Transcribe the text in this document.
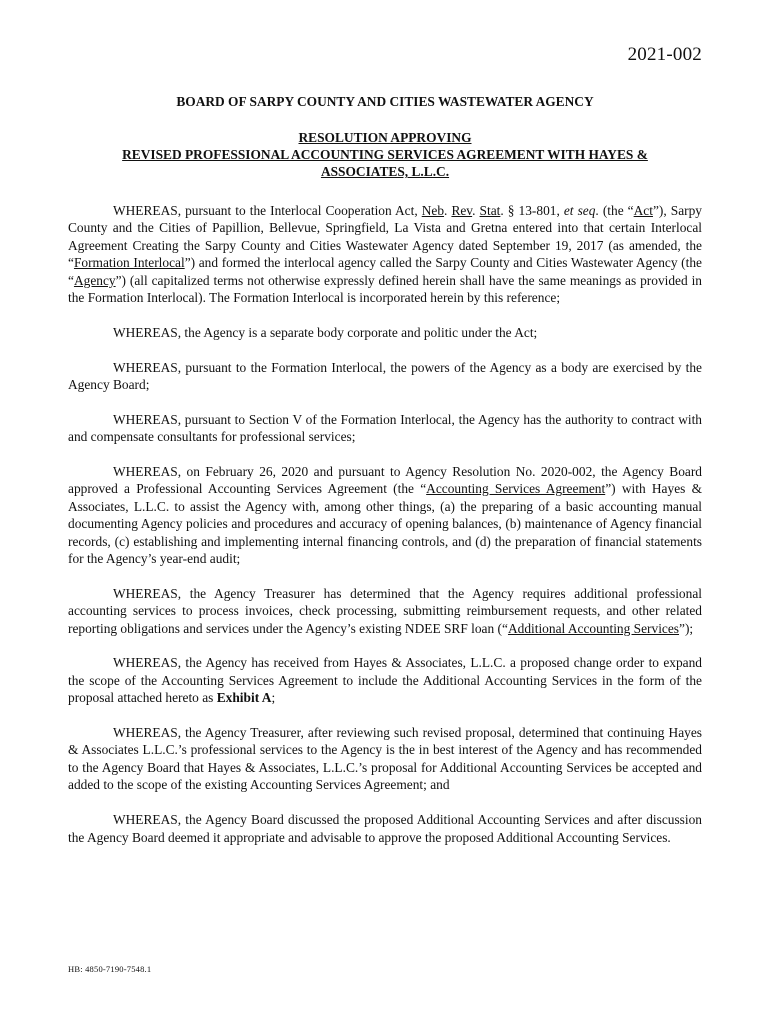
2021-002
BOARD OF SARPY COUNTY AND CITIES WASTEWATER AGENCY
RESOLUTION APPROVING
REVISED PROFESSIONAL ACCOUNTING SERVICES AGREEMENT WITH HAYES &
ASSOCIATES, L.L.C.

WHEREAS, pursuant to the Interlocal Cooperation Act, Neb. Rev. Stat. § 13-801, et seq. (the “Act”), Sarpy County and the Cities of Papillion, Bellevue, Springfield, La Vista and Gretna entered into that certain Interlocal Agreement Creating the Sarpy County and Cities Wastewater Agency dated September 19, 2017 (as amended, the “Formation Interlocal”) and formed the interlocal agency called the Sarpy County and Cities Wastewater Agency (the “Agency”) (all capitalized terms not otherwise expressly defined herein shall have the same meanings as provided in the Formation Interlocal). The Formation Interlocal is incorporated herein by this reference;

WHEREAS, the Agency is a separate body corporate and politic under the Act;

WHEREAS, pursuant to the Formation Interlocal, the powers of the Agency as a body are exercised by the Agency Board;

WHEREAS, pursuant to Section V of the Formation Interlocal, the Agency has the authority to contract with and compensate consultants for professional services;

WHEREAS, on February 26, 2020 and pursuant to Agency Resolution No. 2020-002, the Agency Board approved a Professional Accounting Services Agreement (the “Accounting Services Agreement”) with Hayes & Associates, L.L.C. to assist the Agency with, among other things, (a) the preparing of a basic accounting manual documenting Agency policies and procedures and accuracy of opening balances, (b) maintenance of Agency financial records, (c) establishing and implementing internal financing controls, and (d) the preparation of financial statements for the Agency’s year-end audit;

WHEREAS, the Agency Treasurer has determined that the Agency requires additional professional accounting services to process invoices, check processing, submitting reimbursement requests, and other related reporting obligations and services under the Agency’s existing NDEE SRF loan (“Additional Accounting Services”);

WHEREAS, the Agency has received from Hayes & Associates, L.L.C. a proposed change order to expand the scope of the Accounting Services Agreement to include the Additional Accounting Services in the form of the proposal attached hereto as Exhibit A;

WHEREAS, the Agency Treasurer, after reviewing such revised proposal, determined that continuing Hayes & Associates L.L.C.’s professional services to the Agency is the in best interest of the Agency and has recommended to the Agency Board that Hayes & Associates, L.L.C.’s proposal for Additional Accounting Services be accepted and added to the scope of the existing Accounting Services Agreement; and

WHEREAS, the Agency Board discussed the proposed Additional Accounting Services and after discussion the Agency Board deemed it appropriate and advisable to approve the proposed Additional Accounting Services.

HB: 4850-7190-7548.1
